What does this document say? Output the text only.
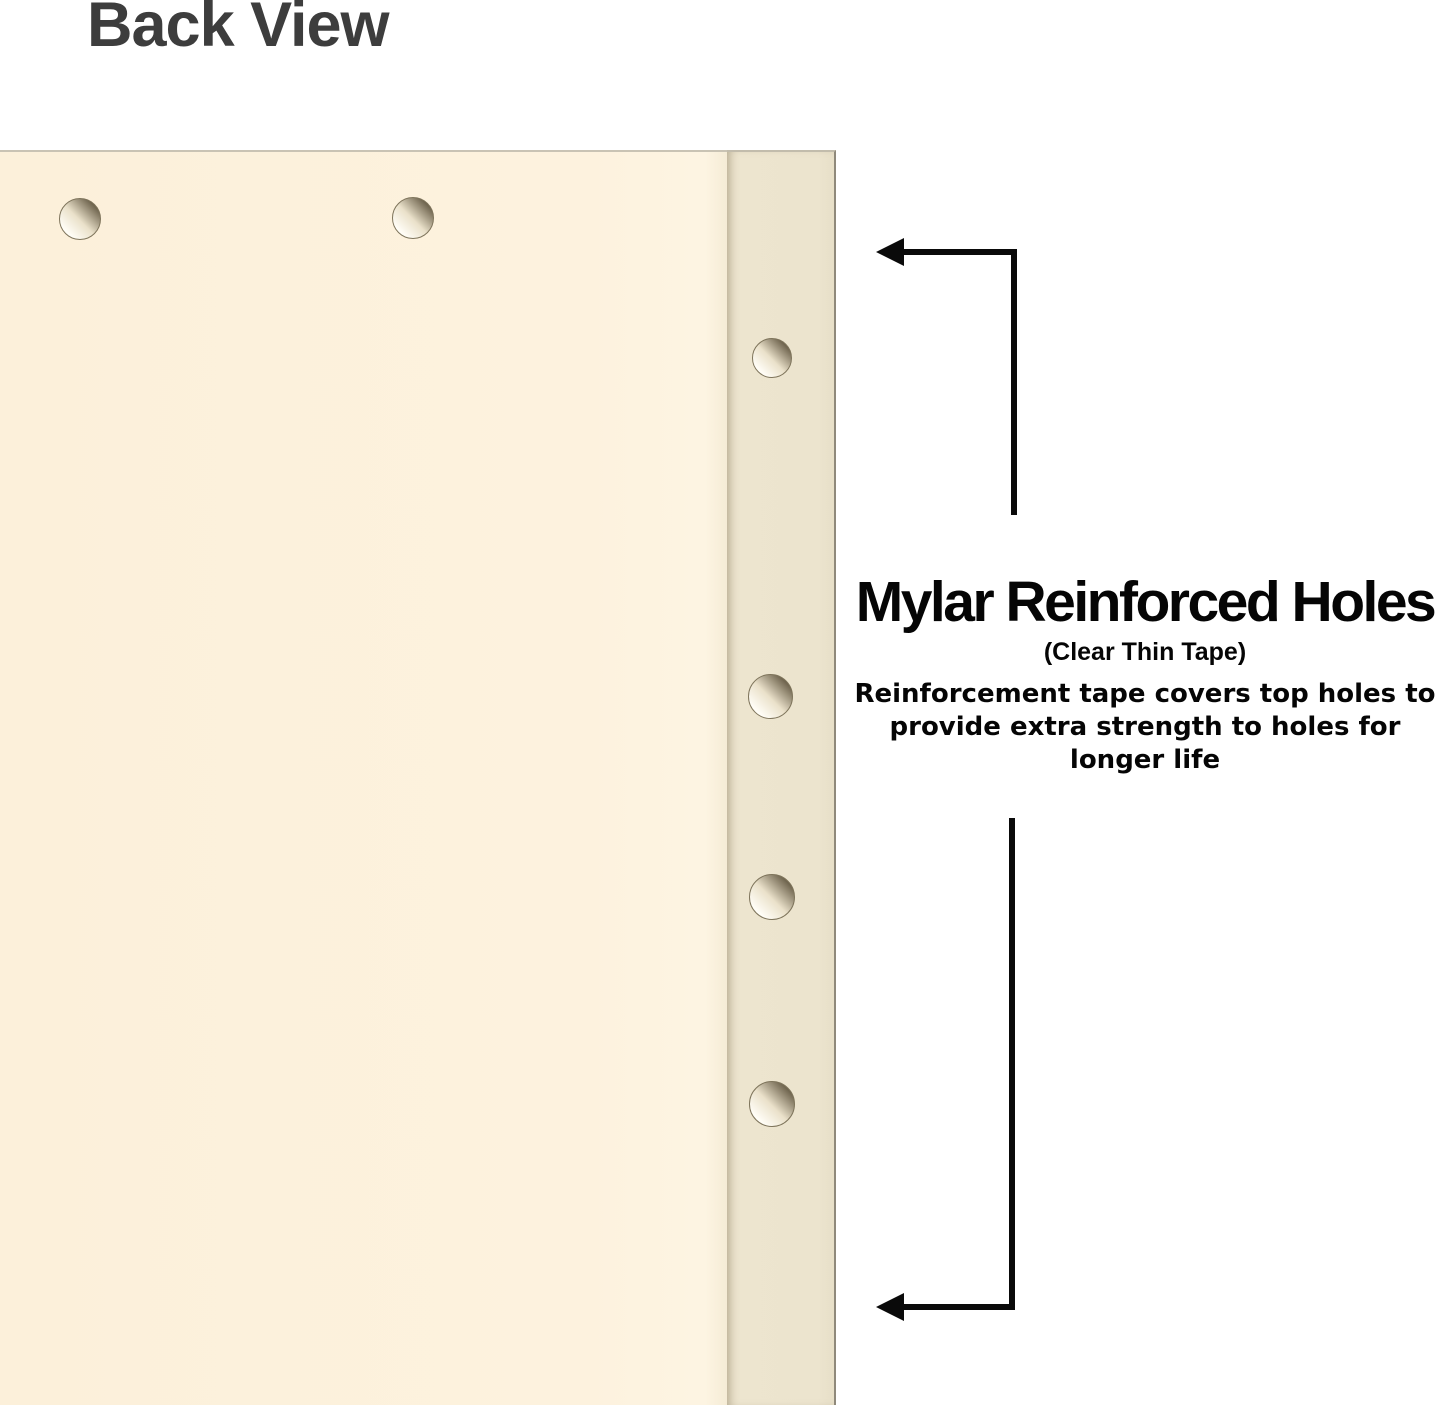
Back View
Mylar Reinforced Holes
(Clear Thin Tape)
Reinforcement tape covers top holes to
provide extra strength to holes for longer life
